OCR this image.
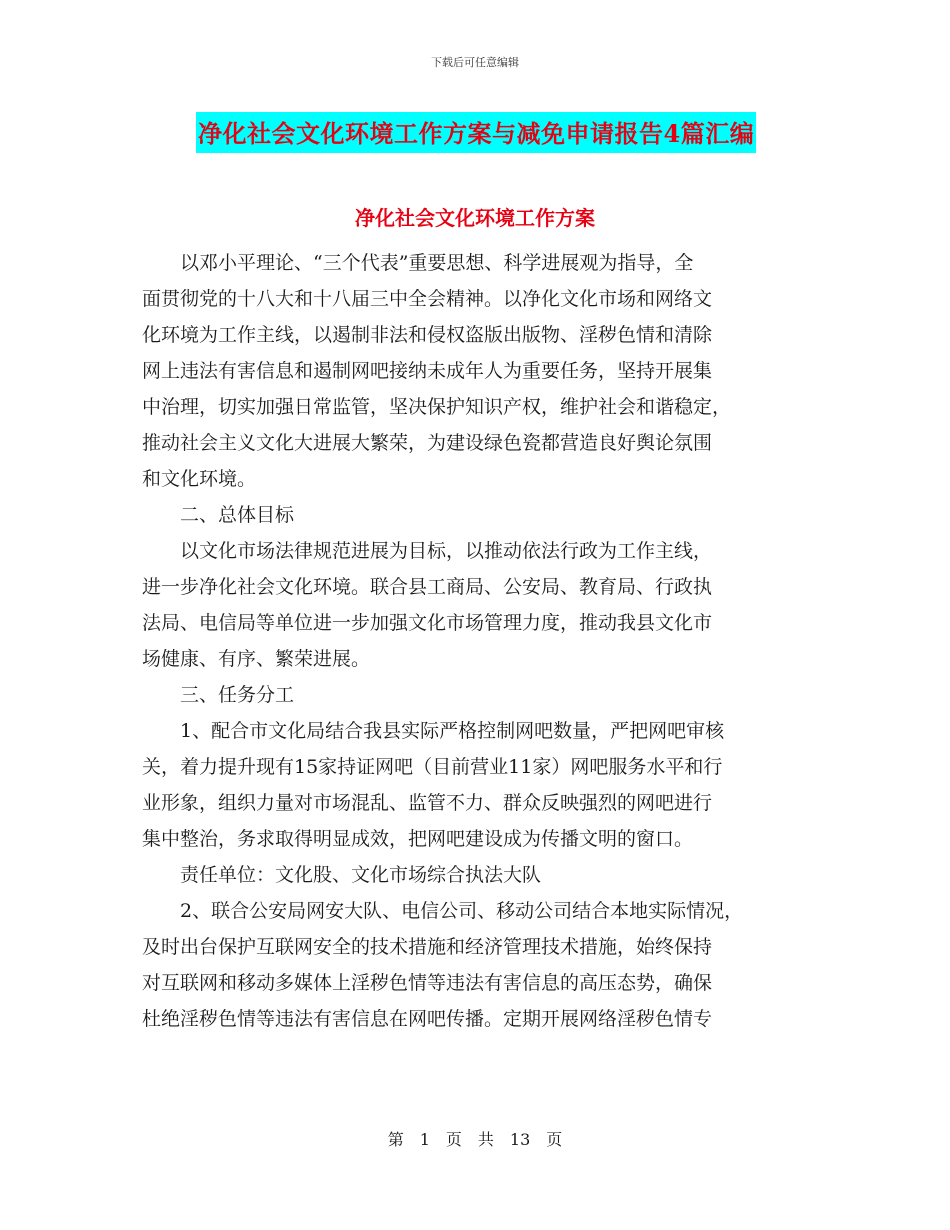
下载后可任意编辑
净化社会文化环境工作方案与减免申请报告4篇汇编
净化社会文化环境工作方案
　　以邓小平理论、“三个代表”重要思想、科学进展观为指导，全
面贯彻党的十八大和十八届三中全会精神。以净化文化市场和网络文
化环境为工作主线，以遏制非法和侵权盗版出版物、淫秽色情和清除
网上违法有害信息和遏制网吧接纳未成年人为重要任务，坚持开展集
中治理，切实加强日常监管，坚决保护知识产权，维护社会和谐稳定，
推动社会主义文化大进展大繁荣，为建设绿色瓷都营造良好舆论氛围
和文化环境。
　　二、总体目标
　　以文化市场法律规范进展为目标，以推动依法行政为工作主线，
进一步净化社会文化环境。联合县工商局、公安局、教育局、行政执
法局、电信局等单位进一步加强文化市场管理力度，推动我县文化市
场健康、有序、繁荣进展。
　　三、任务分工
　　1、配合市文化局结合我县实际严格控制网吧数量，严把网吧审核
关，着力提升现有15家持证网吧（目前营业11家）网吧服务水平和行
业形象，组织力量对市场混乱、监管不力、群众反映强烈的网吧进行
集中整治，务求取得明显成效，把网吧建设成为传播文明的窗口。
　　责任单位：文化股、文化市场综合执法大队
　　2、联合公安局网安大队、电信公司、移动公司结合本地实际情况，
及时出台保护互联网安全的技术措施和经济管理技术措施，始终保持
对互联网和移动多媒体上淫秽色情等违法有害信息的高压态势，确保
杜绝淫秽色情等违法有害信息在网吧传播。定期开展网络淫秽色情专
第　1　页　共　13　页
